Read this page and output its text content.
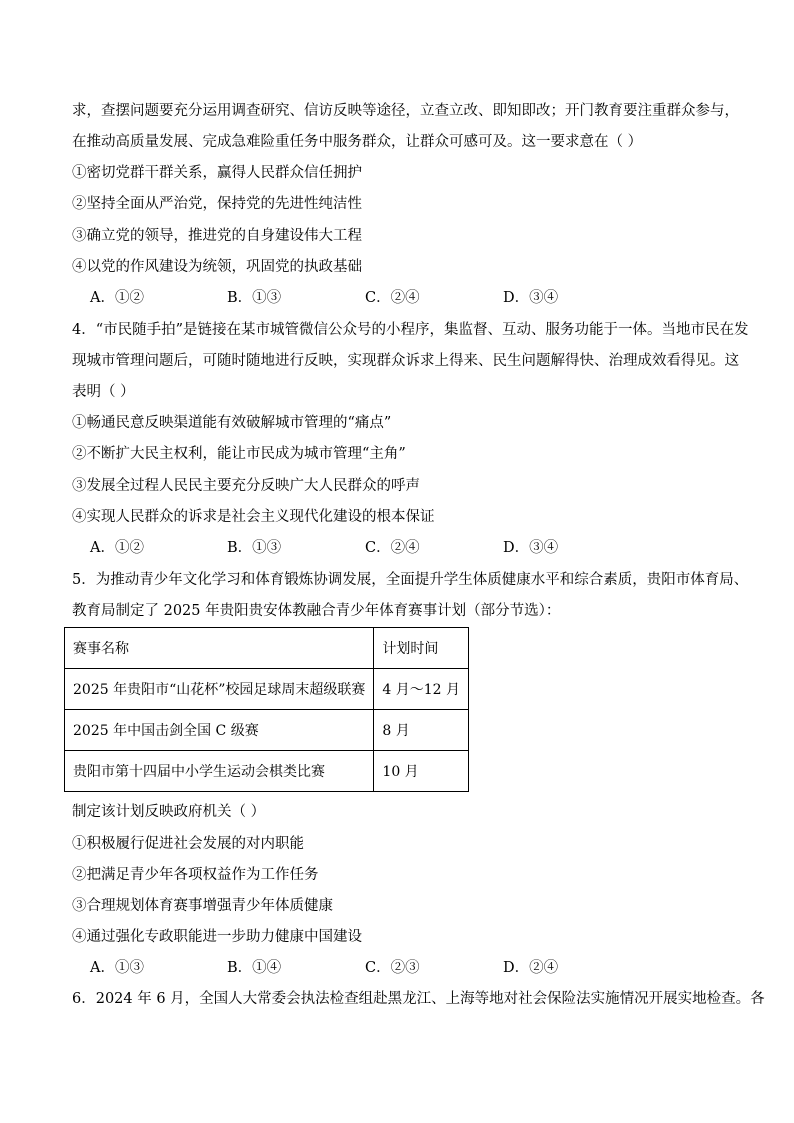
求，查摆问题要充分运用调查研究、信访反映等途径，立查立改、即知即改；开门教育要注重群众参与，
在推动高质量发展、完成急难险重任务中服务群众，让群众可感可及。这一要求意在（ ）
①密切党群干群关系，赢得人民群众信任拥护
②坚持全面从严治党，保持党的先进性纯洁性
③确立党的领导，推进党的自身建设伟大工程
④以党的作风建设为统领，巩固党的执政基础
A．①②	B．①③	C．②④	D．③④
4．“市民随手拍”是链接在某市城管微信公众号的小程序，集监督、互动、服务功能于一体。当地市民在发
现城市管理问题后，可随时随地进行反映，实现群众诉求上得来、民生问题解得快、治理成效看得见。这
表明（ ）
①畅通民意反映渠道能有效破解城市管理的“痛点”
②不断扩大民主权利，能让市民成为城市管理“主角”
③发展全过程人民民主要充分反映广大人民群众的呼声
④实现人民群众的诉求是社会主义现代化建设的根本保证
A．①②	B．①③	C．②④	D．③④
5．为推动青少年文化学习和体育锻炼协调发展，全面提升学生体质健康水平和综合素质，贵阳市体育局、
教育局制定了 2025 年贵阳贵安体教融合青少年体育赛事计划（部分节选）：
赛事名称	计划时间
2025 年贵阳市“山花杯”校园足球周末超级联赛	4 月～12 月
2025 年中国击剑全国 C 级赛	8 月
贵阳市第十四届中小学生运动会棋类比赛	10 月
制定该计划反映政府机关（ ）
①积极履行促进社会发展的对内职能
②把满足青少年各项权益作为工作任务
③合理规划体育赛事增强青少年体质健康
④通过强化专政职能进一步助力健康中国建设
A．①③	B．①④	C．②③	D．②④
6．2024 年 6 月，全国人大常委会执法检查组赴黑龙江、上海等地对社会保险法实施情况开展实地检查。各
